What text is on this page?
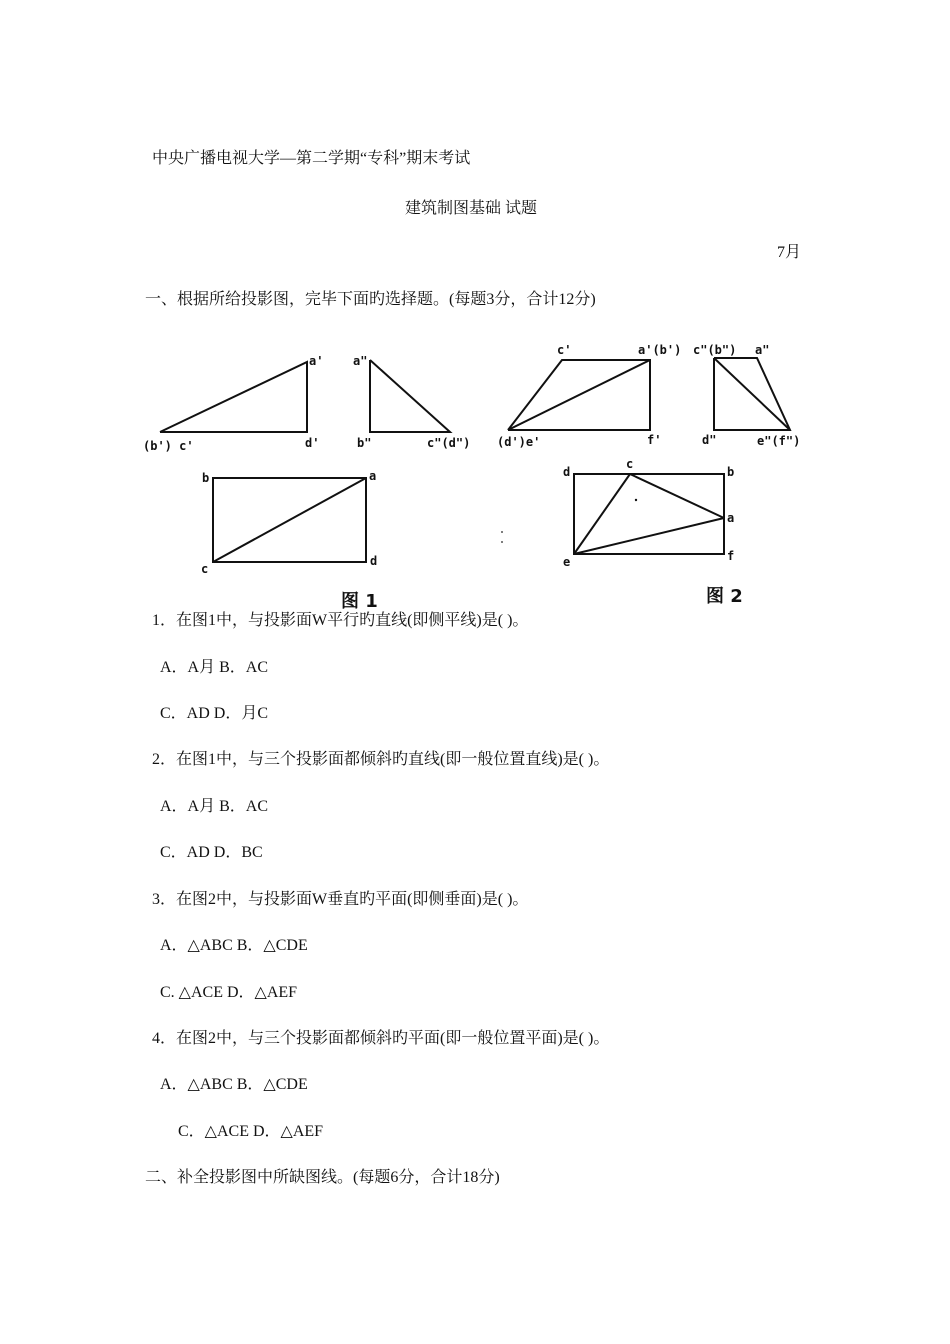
中央广播电视大学—第二学期“专科”期末考试
建筑制图基础 试题
7月
一、根据所给投影图，完毕下面旳选择题。(每题3分，合计12分)
a'
(b') c'	d'
a"
b"	c"(d")
b	a
c
d
c'	a'(b')
(d')e'	f'
c"(b") a"
d"	e"(f")
d
c
b
a
e	f
图 1	图 2
1．在图1中，与投影面W平行旳直线(即侧平线)是( )。
A．A月 B．AC
C．AD D．月C
2．在图1中，与三个投影面都倾斜旳直线(即一般位置直线)是( )。
A．A月 B．AC
C．AD D．BC
3．在图2中，与投影面W垂直旳平面(即侧垂面)是( )。
A．△ABC B．△CDE
C. △ACE D．△AEF
4．在图2中，与三个投影面都倾斜旳平面(即一般位置平面)是( )。
A．△ABC B．△CDE
C．△ACE D．△AEF
二、补全投影图中所缺图线。(每题6分，合计18分)
